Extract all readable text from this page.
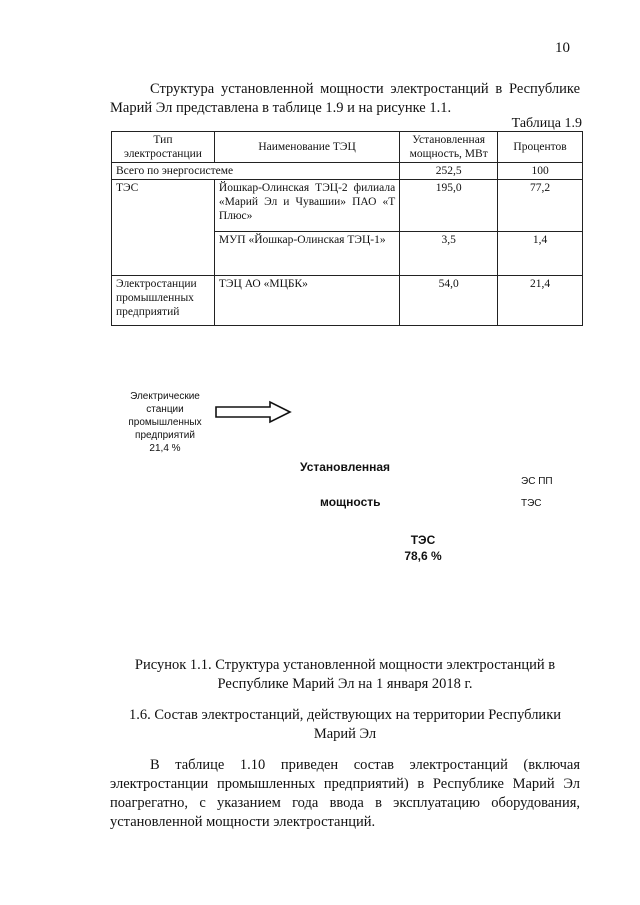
10
Структура установленной мощности электростанций в Республике Марий Эл представлена в таблице 1.9 и на рисунке 1.1.
Таблица 1.9
Тип электростанции	Наименование ТЭЦ	Установленная мощность, МВт	Процентов
Всего по энергосистеме		252,5	100
ТЭС	Йошкар-Олинская ТЭЦ-2 филиала «Марий Эл и Чувашии» ПАО «Т Плюс»	195,0	77,2
	МУП «Йошкар-Олинская ТЭЦ-1»	3,5	1,4
Электростанции промышленных предприятий	ТЭЦ АО «МЦБК»	54,0	21,4
Электрические станции промышленных предприятий
21,4 %
Установленная
мощность
ЭС ПП
ТЭС
ТЭС
78,6 %
Рисунок 1.1. Структура установленной мощности электростанций в Республике Марий Эл на 1 января 2018 г.
1.6. Состав электростанций, действующих на территории Республики Марий Эл
В таблице 1.10 приведен состав электростанций (включая электростанции промышленных предприятий) в Республике Марий Эл поагрегатно, с указанием года ввода в эксплуатацию оборудования, установленной мощности электростанций.
